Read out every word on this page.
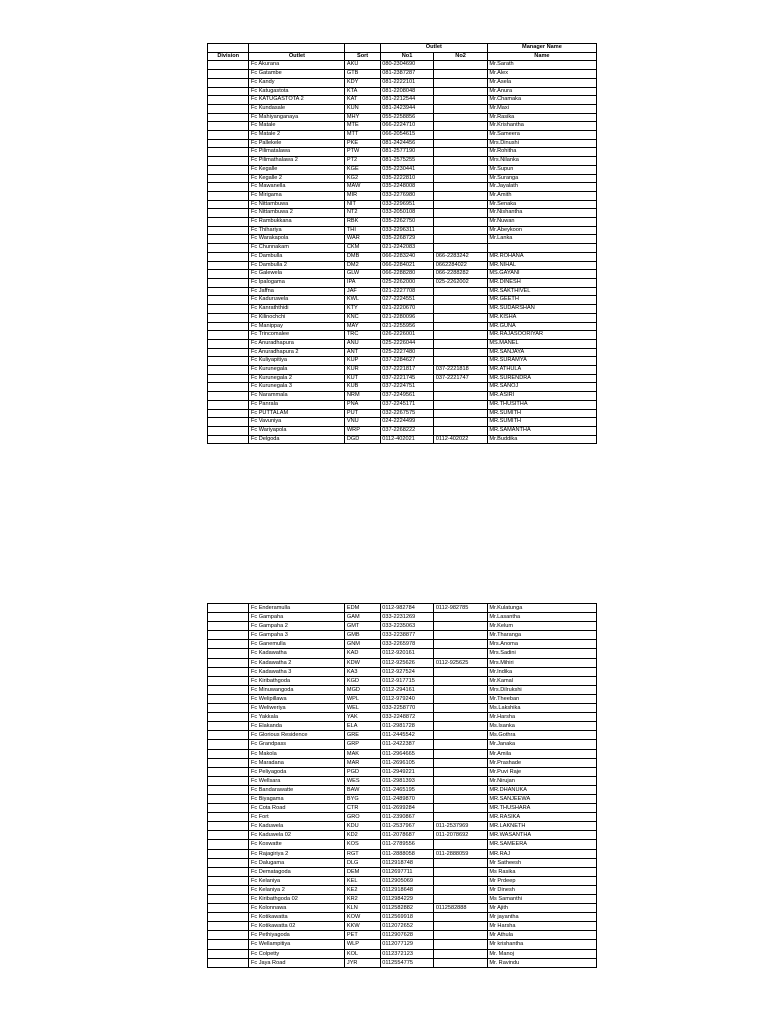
			Outlet		Manager Name
Division	Outlet	Sort	No1	No2	Name
	Fc Akurana	AKU	080-2304690		Mr.Sarath
	Fc Gatambe	GTB	081-2387287		Mr.Alex
	Fc Kandy	KDY	081-2222101		Mr.Asela
	Fc Katugastota	KTA	081-2208048		Mr.Anura
	Fc KATUGASTOTA 2	KAT	081-2212544		Mr.Chamaka
	Fc Kundasale	KUN	081-2423944		Mr.Maxi
	Fc Mahiyanganaya	MHY	055-2258856		Mr.Rasika
	Fc Matale	MTE	066-2224710		Mr.Krishantha
	Fc Matale 2	MTT	066-2054615		Mr.Sameera
	Fc Pallekele	PKE	081-2424456		Mrs.Dinushi
	Fc Pilimatalawa	PTW	081-2577190		Mr.Rohitha
	Fc Pilimathalawa 2	PT2	081-2575255		Mrs.Nilanka
	Fc Kegalle	KGE	035-2230441		Mr.Supun
	Fc Kegalle 2	KG2	035-2222810		Mr.Suranga
	Fc Mawanella	MAW	035-2248008		Mr.Jayalath
	Fc Mirigama	MIR	033-2276980		Mr.Amith
	Fc Nittambuwa	NIT	033-2296951		Mr.Senaka
	Fc Nittambuwa 2	NT2	033-2050108		Mr.Nishantha
	Fc Rambukkana	RBK	035-2262750		Mr.Nuwan
	Fc Thihariya	THI	033-2296311		Mr.Abeykoon
	Fc Warakapola	WAR	035-2268729		Mr.Lanka
	Fc Chunnakam	CKM	021-2242083		
	Fc Dambulla	DMB	066-2283240	066-2283242	MR.ROHANA
	Fc Dambulla 2	DM2	066-2284021	0662284022	MR.NIHAL
	Fc Galewela	GLW	066-2288280	066-2288282	MS.GAYANI
	Fc Ipalogama	IPA	025-2262000	025-2262002	MR.DINESH
	Fc Jaffna	JAF	021-2227708		MR.SAKTHIVEL
	Fc Kaduruwela	KWL	027-2224551		MR.GEETH
	Fc Kanraththidi	KTY	021-2220670		MR.SUDARSHAN
	Fc Kilinochchi	KNC	021-2280096		MR.KISHA
	Fc Manippay	MAY	021-2255956		MR.GUNA
	Fc Trincomalee	TRC	026-2226001		MR.RAJASOORIYAR
	Fc Anuradhapura	ANU	025-2226044		MS.MANEL
	Fc Anuradhapura 2	ANT	025-2227480		MR.SANJAYA
	Fc Kuliyapitiya	KUP	037-2284627		MR.SURAMYA
	Fc Kurunegala	KUR	037-2221817	037-2221818	MR.ATHULA
	Fc Kurunegala 2	KUT	037-2221745	037-2221747	MR.SURENDRA
	Fc Kurunegala 3	KUB	037-2224751		MR.SANOJ
	Fc Narammala	NRM	037-2249561		MR.ASIRI
	Fc Panrala	PNA	037-2245171		MR.THUSITHA
	Fc PUTTALAM	PUT	032-2267575		MR.SUMITH
	Fc Vavuniya	VNU	024-2224499		MR.SUMITH
	Fc Wariyapola	WRP	037-2268222		MR.SAMANTHA
	Fc Delgoda	DGD	0112-402021	0112-402022	Mr.Buddika
	Fc Enderamulla	EDM	0112-982784	0112-982785	Mr.Kulatunga
	Fc Gampaha	GAM	033-2231269		Mr.Lasantha
	Fc Gampaha 2	GMT	033-2235063		Mr.Kelum
	Fc Gampaha 3	GMB	033-2238877		Mr.Tharanga
	Fc Ganemulla	GNM	033-2265978		Mrs.Anoma
	Fc Kadawatha	KAD	0112-920161		Mrs.Sadini
	Fc Kadawatha 2	KDW	0112-925626	0112-925625	Mrs.Mihiri
	Fc Kadawatha 3	KA3	0112-927524		Mr.Indika
	Fc Kiribathgoda	KGD	0112-917715		Mr.Kamal
	Fc Minuwangoda	MGD	0112-294161		Mrs.Dilrukshi
	Fc Welipillawa	WPL	0112-979240		Mr.Theeban
	Fc Weliweriya	WEL	033-2258770		Ms.Lakshika
	Fc Yakkala	YAK	033-2248872		Mr.Harsha
	Fc Elakanda	ELA	011-2981728		Ms.Isanka
	Fc Glorious Residence	GRE	011-2445542		Ms.Gothra
	Fc Grandpass	GRP	011-2422387		Mr.Janaka
	Fc Makola	MAK	011-2964665		Mr.Amila
	Fc Maradana	MAR	011-2696105		Mr.Prashade
	Fc Peliyagoda	PGD	011-2949221		Mr.Puvi Raje
	Fc Wellsara	WES	011-2981393		Mr.Nirujan
	Fc Bandarawatte	BAW	011-2465195		MR.DHANUKA
	Fc Biyagama	BYG	011-2489870		MR.SANJEEWA
	Fc Cota Road	CTR	011-2699284		MR.THUSHARA
	Fc Fort	GRO	011-2390867		MR.RASIKA
	Fc Kaduwela	KDU	011-2537967	011-2537969	MR.LAKNETH
	Fc Kaduwela 02	KD2	011-2078687	011-2078692	MR.WASANTHA
	Fc Koswatte	KOS	011-2789556		MR.SAMEERA
	Fc Rajagiriya 2	RGT	011-2888058	011-2888059	MR.RAJ
	Fc Dalugama	DLG	0112918748		Mr Satheesh
	Fc Dematagoda	DEM	0112697711		Ms Rasika
	Fc Kelaniya	KEL	0112905069		Mr Prdeep
	Fc Kelaniya 2	KE2	0112918648		Mr Dinesh
	Fc Kiribathgoda 02	KR2	0112984229		Ms Samanthi
	Fc Kolonnawa	KLN	0112582882	0112582888	Mr Ajith
	Fc Kotikawatta	KOW	0112569918		Mr jayantha
	Fc Kotikawatta 02	KKW	0112072652		Mr Harsha
	Fc Pethiyagoda	PET	0112907628		Mr Athula
	Fc Wellampitiya	WLP	0112077129		Mr krishantha
	Fc Colpetty	KOL	0112372123		Mr. Manoj
	Fc Jaya Road	JYR	0112554775		Mr. Ravindu
